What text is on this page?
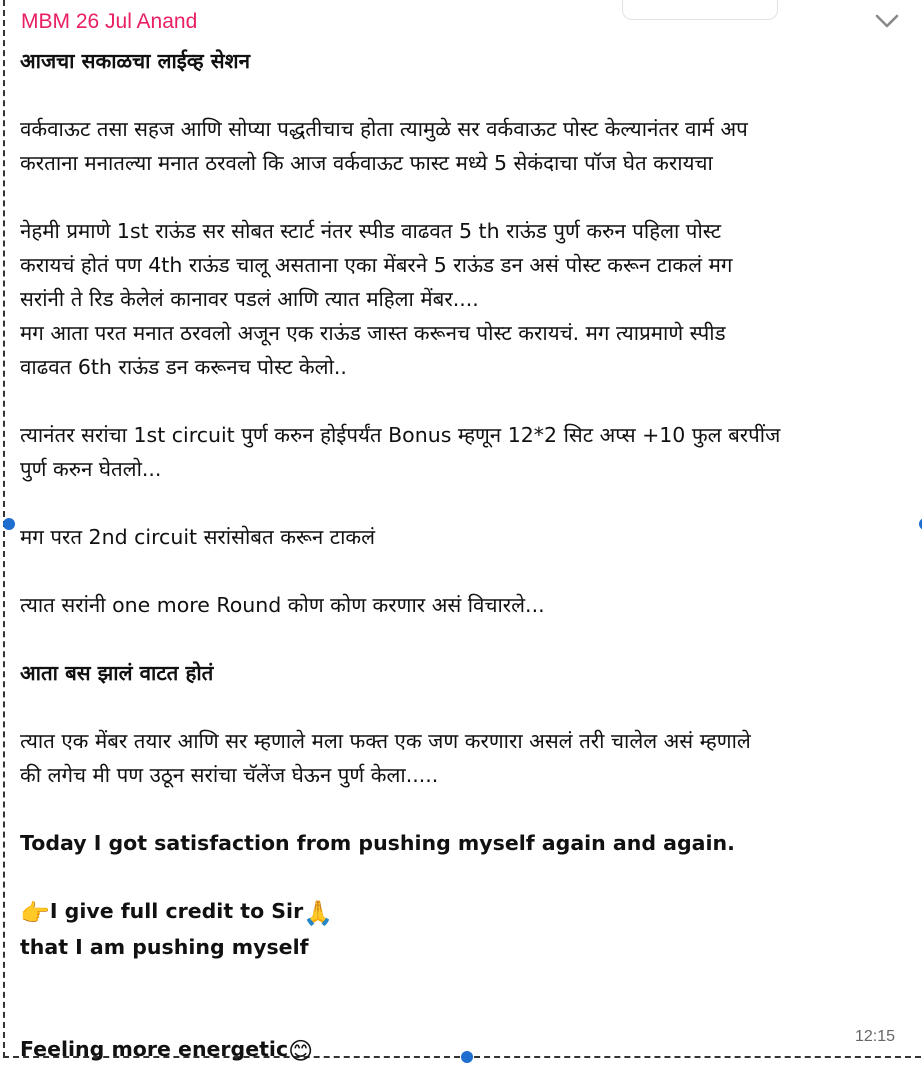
MBM 26 Jul Anand

आजचा सकाळचा लाईव्ह सेशन

वर्कवाऊट तसा सहज आणि सोप्या पद्धतीचाच होता त्यामुळे सर वर्कवाऊट पोस्ट केल्यानंतर वार्म अप

करताना मनातल्या मनात ठरवलो कि आज वर्कवाऊट फास्ट मध्ये 5 सेकंदाचा पॉज घेत करायचा

नेहमी प्रमाणे 1st राऊंड सर सोबत स्टार्ट नंतर स्पीड वाढवत 5 th राऊंड पुर्ण करुन पहिला पोस्ट

करायचं होतं पण 4th राऊंड चालू असताना एका मेंबरने 5 राऊंड डन असं पोस्ट करून टाकलं मग

सरांनी ते रिड केलेलं कानावर पडलं आणि त्यात महिला मेंबर....

मग आता परत मनात ठरवलो अजून एक राऊंड जास्त करूनच पोस्ट करायचं. मग त्याप्रमाणे स्पीड

वाढवत 6th राऊंड डन करूनच पोस्ट केलो..

त्यानंतर सरांचा 1st circuit पुर्ण करुन होईपर्यंत Bonus म्हणून 12*2 सिट अप्स +10 फुल बरपींज

पुर्ण करुन घेतलो...

मग परत 2nd circuit सरांसोबत करून टाकलं

त्यात सरांनी one more Round कोण कोण करणार असं विचारले...

आता बस झालं वाटत होतं

त्यात एक मेंबर तयार आणि सर म्हणाले मला फक्त एक जण करणारा असलं तरी चालेल असं म्हणाले

की लगेच मी पण उठून सरांचा चॅलेंज घेऊन पुर्ण केला.....

Today I got satisfaction from pushing myself again and again.

👉I give full credit to Sir🙏

that I am pushing myself

Feeling more energetic😊

12:15
